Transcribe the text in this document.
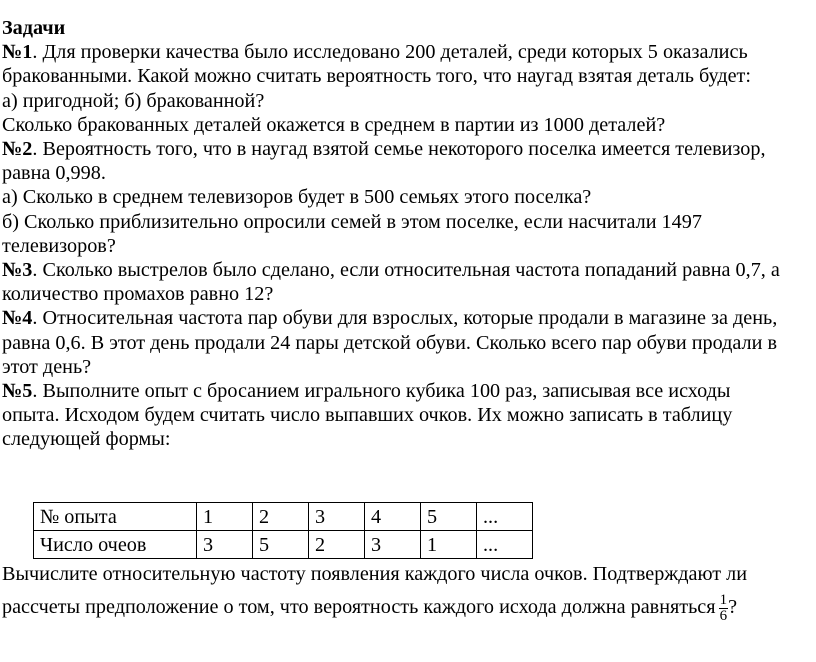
Задачи
№1. Для проверки качества было исследовано 200 деталей, среди которых 5 оказались
бракованными. Какой можно считать вероятность того, что наугад взятая деталь будет:
а) пригодной; б) бракованной?
Сколько бракованных деталей окажется в среднем в партии из 1000 деталей?
№2. Вероятность того, что в наугад взятой семье некоторого поселка имеется телевизор,
равна 0,998.
а) Сколько в среднем телевизоров будет в 500 семьях этого поселка?
б) Сколько приблизительно опросили семей в этом поселке, если насчитали 1497
телевизоров?
№3. Сколько выстрелов было сделано, если относительная частота попаданий равна 0,7, а
количество промахов равно 12?
№4. Относительная частота пар обуви для взрослых, которые продали в магазине за день,
равна 0,6. В этот день продали 24 пары детской обуви. Сколько всего пар обуви продали в
этот день?
№5. Выполните опыт с бросанием игрального кубика 100 раз, записывая все исходы
опыта. Исходом будем считать число выпавших очков. Их можно записать в таблицу
следующей формы:
№ опыта	1	2	3	4	5	...
Число очеов	3	5	2	3	1	...
Вычислите относительную частоту появления каждого числа очков. Подтверждают ли
рассчеты предположение о том, что вероятность каждого исхода должна равняться $\frac{1}{6}$ ?
